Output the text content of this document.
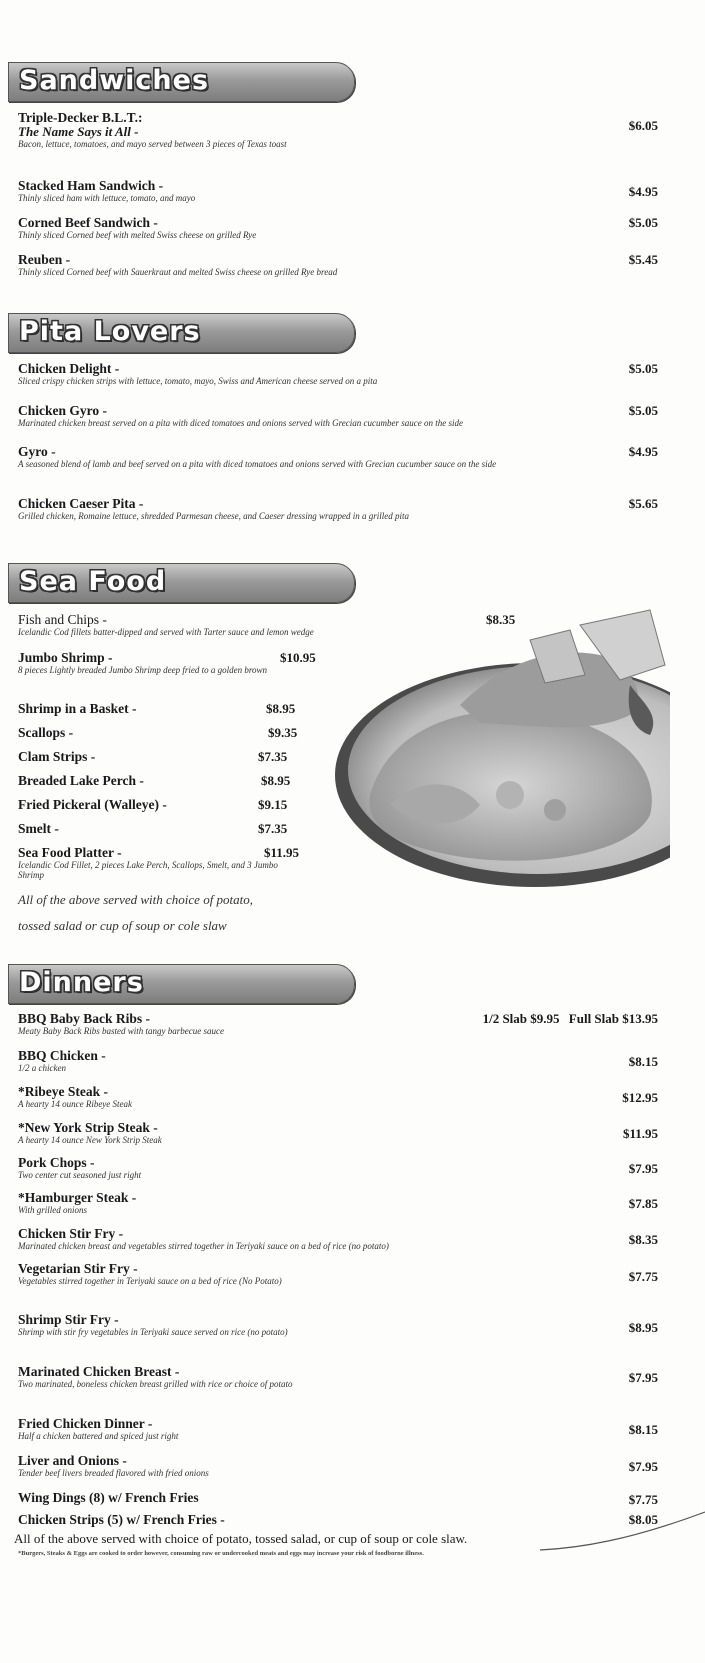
Sandwiches
Triple-Decker B.L.T.:
The Name Says it All -
Bacon, lettuce, tomatoes, and mayo served between 3 pieces of Texas toast
$6.05
Stacked Ham Sandwich -
Thinly sliced ham with lettuce, tomato, and mayo	$4.95
Corned Beef Sandwich -
Thinly sliced Corned beef with melted Swiss cheese on grilled Rye
$5.05
Reuben -
Thinly sliced Corned beef with Sauerkraut and melted Swiss cheese on grilled Rye bread
$5.45
Pita Lovers
Chicken Delight -
Sliced crispy chicken strips with lettuce, tomato, mayo, Swiss and American cheese served on a pita
$5.05
Chicken Gyro -
Marinated chicken breast served on a pita with diced tomatoes and onions served with Grecian cucumber sauce on the side
$5.05
Gyro -
A seasoned blend of lamb and beef served on a pita with diced tomatoes and onions served with Grecian cucumber sauce on the side
$4.95
Chicken Caeser Pita -
Grilled chicken, Romaine lettuce, shredded Parmesan cheese, and Caeser dressing wrapped in a grilled pita
$5.65
Sea Food
Fish and Chips -
Icelandic Cod fillets batter-dipped and served with Tarter sauce and lemon wedge
$8.35
Jumbo Shrimp -
8 pieces Lightly breaded Jumbo Shrimp deep fried to a golden brown
$10.95
Shrimp in a Basket -	$8.95
Scallops -	$9.35
Clam Strips -	$7.35
Breaded Lake Perch -	$8.95
Fried Pickeral (Walleye) -	$9.15
Smelt -	$7.35
Sea Food Platter -
Icelandic Cod Fillet, 2 pieces Lake Perch, Scallops, Smelt, and 3 Jumbo Shrimp
$11.95
All of the above served with choice of potato,
tossed salad or cup of soup or cole slaw
Dinners
BBQ Baby Back Ribs -
Meaty Baby Back Ribs basted with tangy barbecue sauce
1/2 Slab $9.95 Full Slab $13.95
BBQ Chicken -
1/2 a chicken	$8.15
*Ribeye Steak -
A hearty 14 ounce Ribeye Steak	$12.95
*New York Strip Steak -
A hearty 14 ounce New York Strip Steak	$11.95
Pork Chops -
Two center cut seasoned just right	$7.95
*Hamburger Steak -
With grilled onions	$7.85
Chicken Stir Fry -
Marinated chicken breast and vegetables stirred together in Teriyaki sauce on a bed of rice (no potato)	$8.35
Vegetarian Stir Fry -
Vegetables stirred together in Teriyaki sauce on a bed of rice (No Potato)	$7.75
Shrimp Stir Fry -
Shrimp with stir fry vegetables in Teriyaki sauce served on rice (no potato)	$8.95
Marinated Chicken Breast -
Two marinated, boneless chicken breast grilled with rice or choice of potato	$7.95
Fried Chicken Dinner -
Half a chicken battered and spiced just right	$8.15
Liver and Onions -
Tender beef livers breaded flavored with fried onions	$7.95
Wing Dings (8) w/ French Fries	$7.75
Chicken Strips (5) w/ French Fries -	$8.05
All of the above served with choice of potato, tossed salad, or cup of soup or cole slaw.
*Burgers, Steaks & Eggs are cooked to order however, consuming raw or undercooked meats and eggs may increase your risk of foodborne illness.
